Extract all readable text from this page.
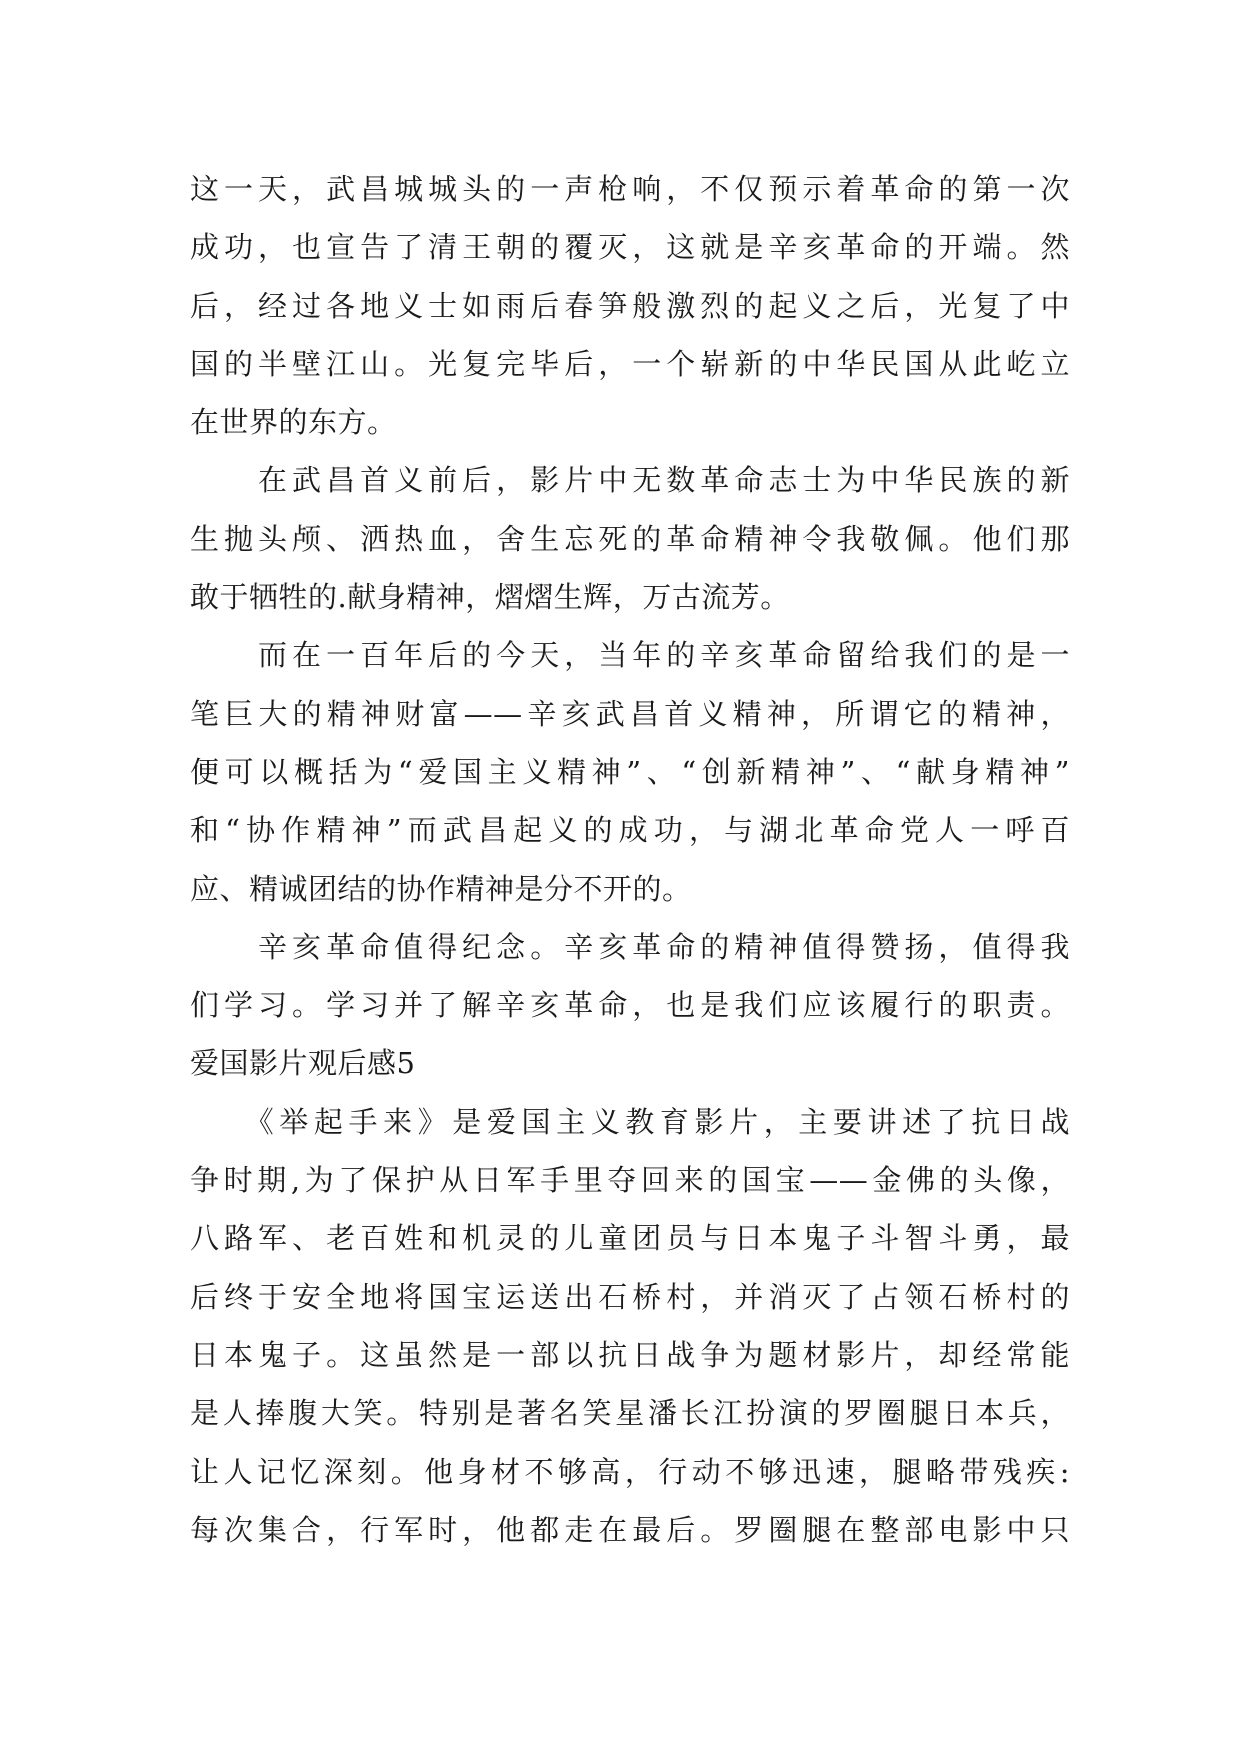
这一天，武昌城城头的一声枪响，不仅预示着革命的第一次
成功，也宣告了清王朝的覆灭，这就是辛亥革命的开端。然
后，经过各地义士如雨后春笋般激烈的起义之后，光复了中
国的半壁江山。光复完毕后，一个崭新的中华民国从此屹立
在世界的东方。
　　在武昌首义前后，影片中无数革命志士为中华民族的新
生抛头颅、洒热血，舍生忘死的革命精神令我敬佩。他们那
敢于牺牲的.献身精神，熠熠生辉，万古流芳。
　　而在一百年后的今天，当年的辛亥革命留给我们的是一
笔巨大的精神财富——辛亥武昌首义精神，所谓它的精神，
便可以概括为“爱国主义精神”、“创新精神”、“献身精神”
和“协作精神”而武昌起义的成功，与湖北革命党人一呼百
应、精诚团结的协作精神是分不开的。
　　辛亥革命值得纪念。辛亥革命的精神值得赞扬，值得我
们学习。学习并了解辛亥革命，也是我们应该履行的职责。
爱国影片观后感5
　　《举起手来》是爱国主义教育影片，主要讲述了抗日战
争时期,为了保护从日军手里夺回来的国宝——金佛的头像，
八路军、老百姓和机灵的儿童团员与日本鬼子斗智斗勇，最
后终于安全地将国宝运送出石桥村，并消灭了占领石桥村的
日本鬼子。这虽然是一部以抗日战争为题材影片，却经常能
是人捧腹大笑。特别是著名笑星潘长江扮演的罗圈腿日本兵，
让人记忆深刻。他身材不够高，行动不够迅速，腿略带残疾:
每次集合，行军时，他都走在最后。罗圈腿在整部电影中只
